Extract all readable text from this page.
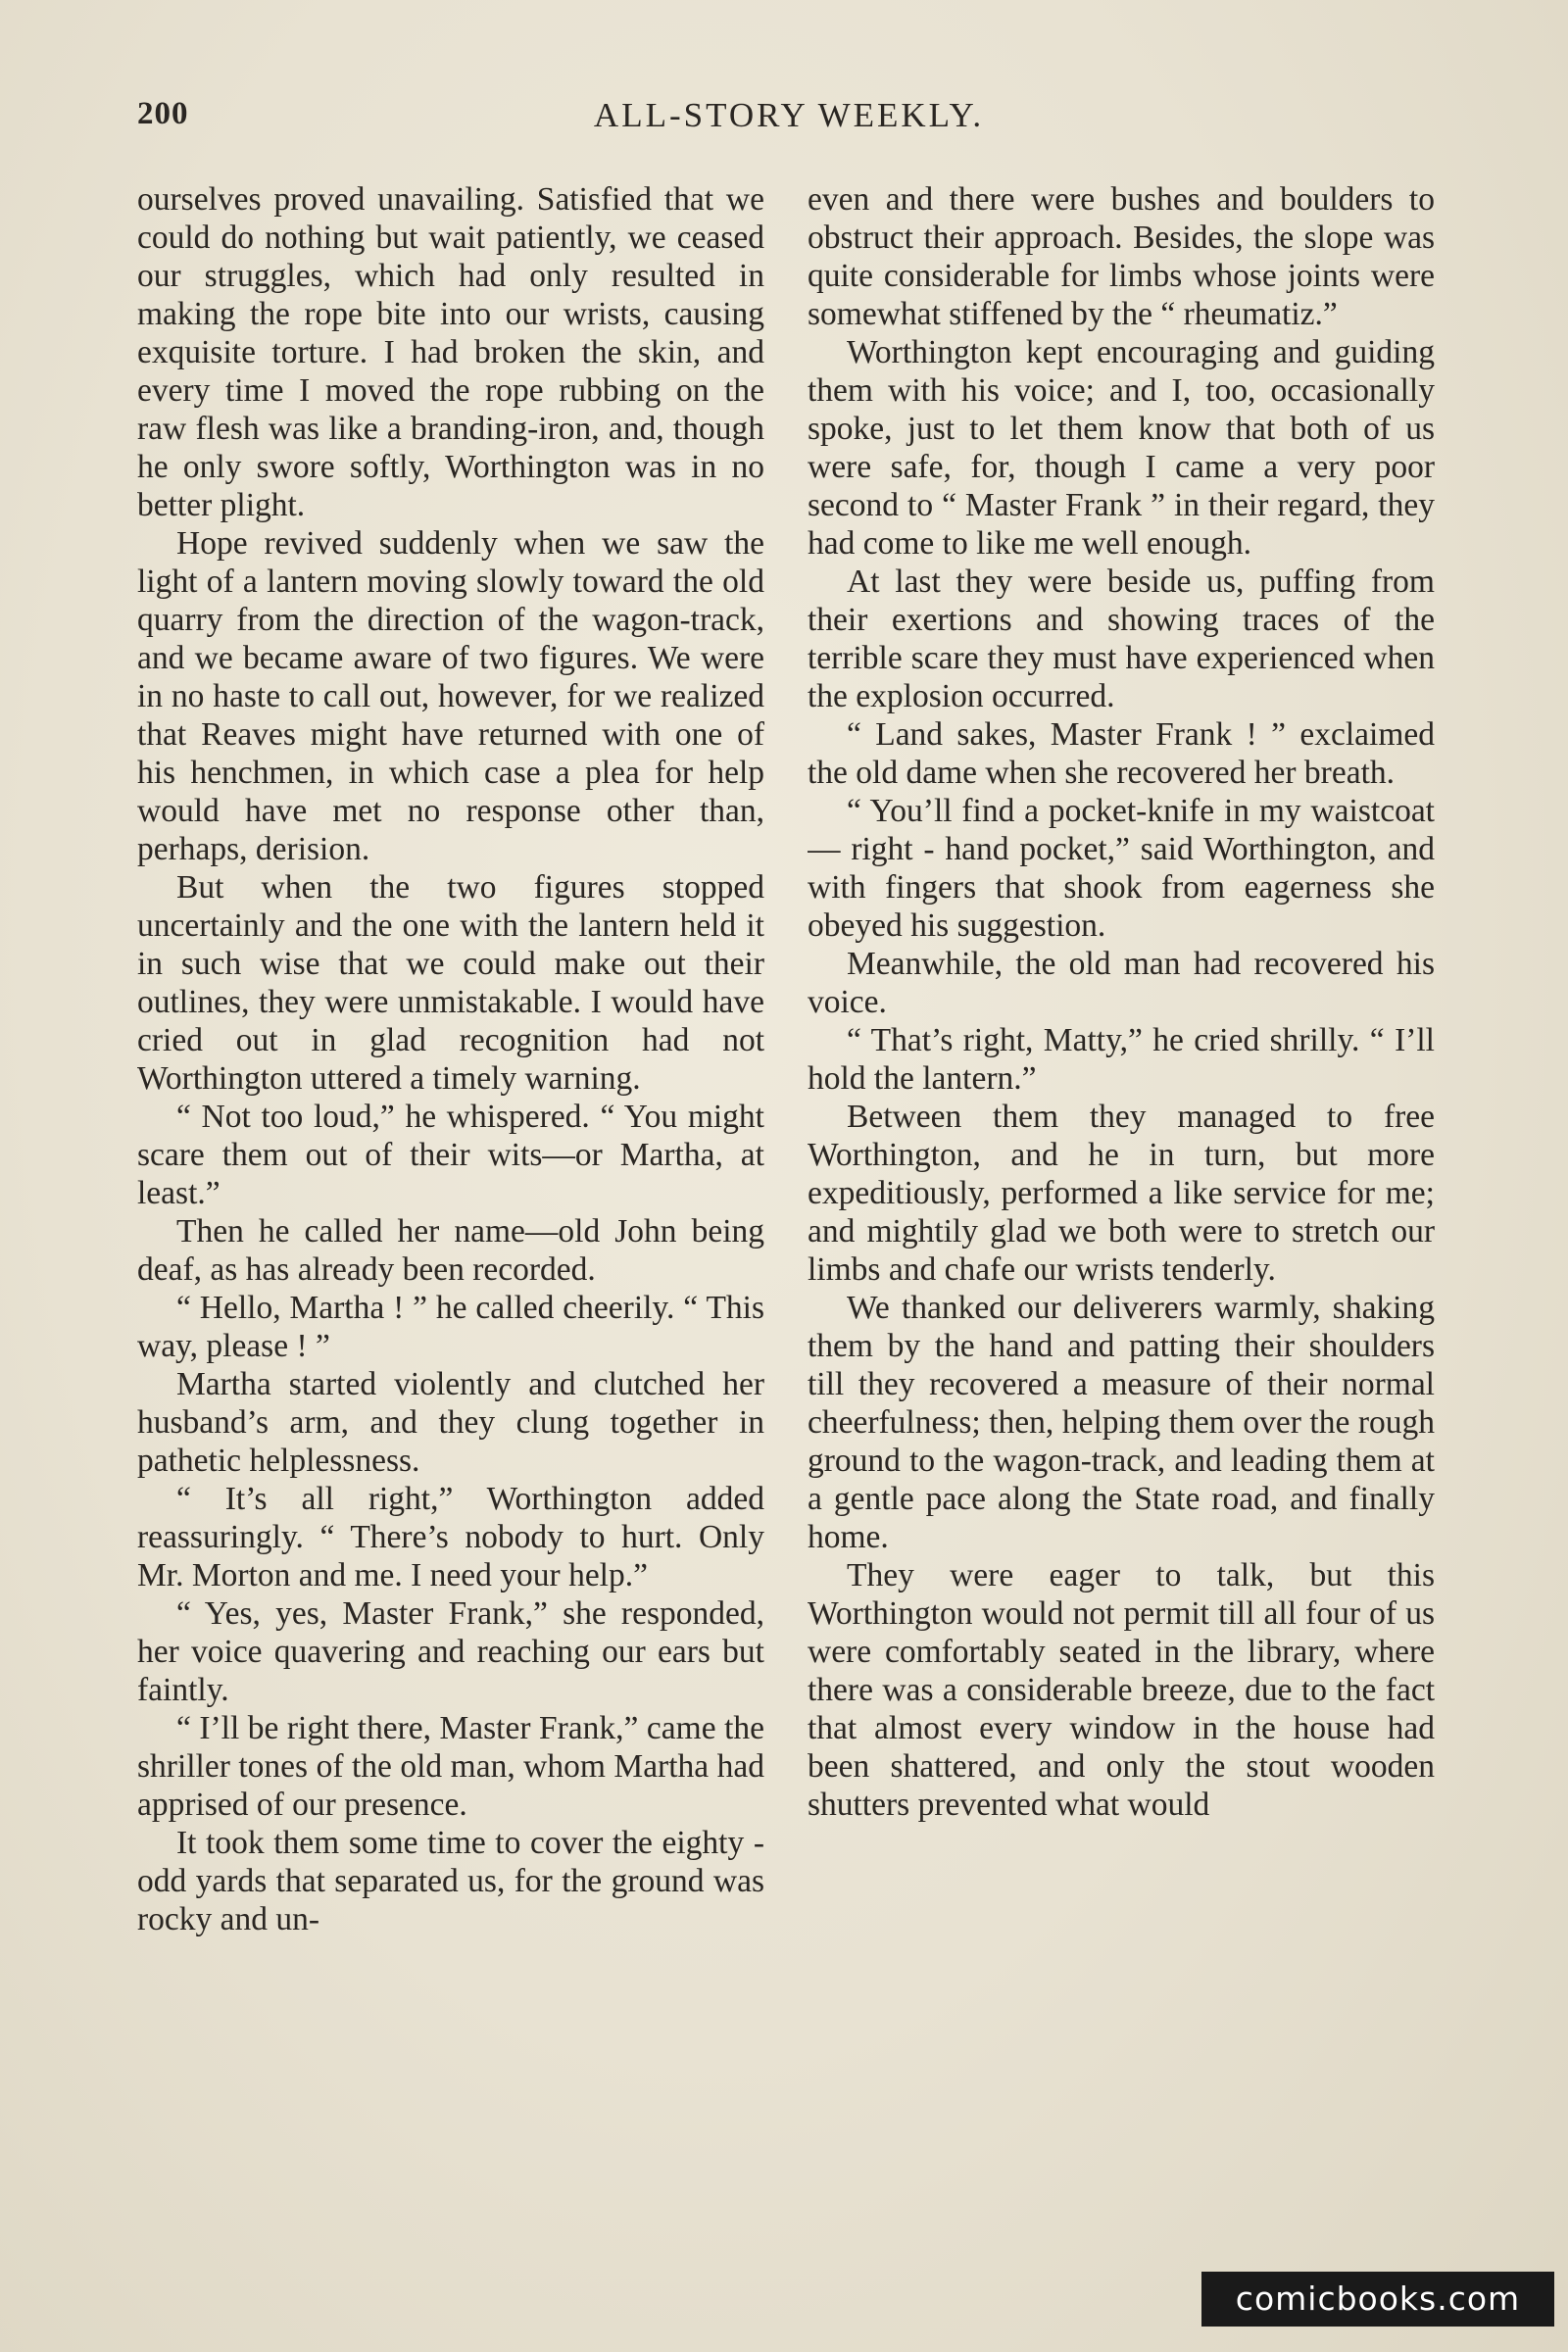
200	ALL-STORY WEEKLY.

ourselves proved unavailing. Satisfied that we could do nothing but wait patiently, we ceased our struggles, which had only resulted in making the rope bite into our wrists, causing exquisite torture. I had broken the skin, and every time I moved the rope rubbing on the raw flesh was like a branding-iron, and, though he only swore softly, Worthington was in no better plight.

Hope revived suddenly when we saw the light of a lantern moving slowly toward the old quarry from the direction of the wagon-track, and we became aware of two figures. We were in no haste to call out, however, for we realized that Reaves might have returned with one of his henchmen, in which case a plea for help would have met no response other than, perhaps, derision.

But when the two figures stopped uncertainly and the one with the lantern held it in such wise that we could make out their outlines, they were unmistakable. I would have cried out in glad recognition had not Worthington uttered a timely warning.

“ Not too loud,” he whispered. “ You might scare them out of their wits—or Martha, at least.”

Then he called her name—old John being deaf, as has already been recorded.

“ Hello, Martha ! ” he called cheerily. “ This way, please ! ”

Martha started violently and clutched her husband’s arm, and they clung together in pathetic helplessness.

“ It’s all right,” Worthington added reassuringly. “ There’s nobody to hurt. Only Mr. Morton and me. I need your help.”

“ Yes, yes, Master Frank,” she responded, her voice quavering and reaching our ears but faintly.

“ I’ll be right there, Master Frank,” came the shriller tones of the old man, whom Martha had apprised of our presence.

It took them some time to cover the eighty - odd yards that separated us, for the ground was rocky and un-

even and there were bushes and boulders to obstruct their approach. Besides, the slope was quite considerable for limbs whose joints were somewhat stiffened by the “ rheumatiz.”

Worthington kept encouraging and guiding them with his voice; and I, too, occasionally spoke, just to let them know that both of us were safe, for, though I came a very poor second to “ Master Frank ” in their regard, they had come to like me well enough.

At last they were beside us, puffing from their exertions and showing traces of the terrible scare they must have experienced when the explosion occurred.

“ Land sakes, Master Frank ! ” exclaimed the old dame when she recovered her breath.

“ You’ll find a pocket-knife in my waistcoat — right - hand pocket,” said Worthington, and with fingers that shook from eagerness she obeyed his suggestion.

Meanwhile, the old man had recovered his voice.

“ That’s right, Matty,” he cried shrilly. “ I’ll hold the lantern.”

Between them they managed to free Worthington, and he in turn, but more expeditiously, performed a like service for me; and mightily glad we both were to stretch our limbs and chafe our wrists tenderly.

We thanked our deliverers warmly, shaking them by the hand and patting their shoulders till they recovered a measure of their normal cheerfulness; then, helping them over the rough ground to the wagon-track, and leading them at a gentle pace along the State road, and finally home.

They were eager to talk, but this Worthington would not permit till all four of us were comfortably seated in the library, where there was a considerable breeze, due to the fact that almost every window in the house had been shattered, and only the stout wooden shutters prevented what would

comicbooks.com
